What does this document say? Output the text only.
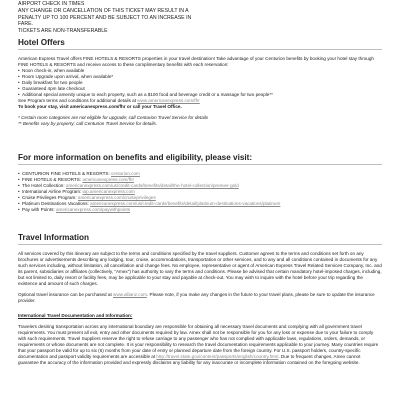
AIRPORT CHECK IN TIMES

ANY CHANGE OR CANCELLATION OF THIS TICKET MAY RESULT IN A

PENALTY UP TO 100 PERCENT AND BE SUBJECT TO AN INCREASE IN

FARE.

TICKETS ARE NON-TRANSFERABLE

Hotel Offers

American Express Travel offers FINE HOTELS & RESORTS properties in your travel destination! Take advantage of your Centurion benefits by booking your hotel stay through FINE HOTELS & RESORTS and receive access to these complimentary benefits with each reservation:

• Noon check-in, when available
• Room Upgrade upon arrival, when available*
• Daily breakfast for two people
• Guaranteed 4pm late checkout
• Additional special amenity unique to each property, such as a $100 food and beverage credit or a massage for two people**

See Program terms and conditions for additional details at www.americanexpress.com/fhr

To book your stay, visit americanexpress.com/fhr or call your Travel Office.

* Certain room categories are not eligible for upgrade; call Centurion Travel Service for details

** Benefits vary by property; call Centurion Travel Service for details.

For more information on benefits and eligibility, please visit:
• CENTURION FINE HOTELS & RESORTS: centurion.com
• FINE HOTELS & RESORTS: americanexpress.com/fhr
• The Hotel Collection: americanexpress.com/us/credit-cards/benefits/detail/the-hotel-collection/premier-gold
• International Airline Program: iap.americanexpress.com
• Cruise Privileges Program: americanexpress.com/cruiseprivileges
• Platinum Destinations Vacations: americanexpress.com/us/credit-cards/benefits/detail/platinum-destinations-vacations/platinum
• Pay with Points: americanexpress.com/paywithpoints
Travel Information

All services covered by this itinerary are subject to the terms and conditions specified by the travel suppliers. Customer agrees to the terms and conditions set forth on any brochures or advertisements describing any lodging, tour, cruise, accommodations, transportation or other services, and to any and all conditions contained in documents for any such services including, without limitation, all cancellation and change fees. No employee, representative or agent of American Express Travel Related Services Company, Inc. and its parent, subsidiaries or affiliates (collectively, "Amex") has authority to vary the terms and conditions. Please be advised that certain mandatory hotel-imposed charges, including, but not limited to, daily resort or facility fees, may be applicable to your stay and payable at check-out. You may wish to inquire with the hotel before your trip regarding the existence and amount of such charges.

Optional travel insurance can be purchased at www.allianz.com. Please note, if you make any changes in the future to your travel plans, please be sure to update the insurance provider.

International Travel Documentation and Information:

Travelers desiring transportation across any international boundary are responsible for obtaining all necessary travel documents and complying with all government travel requirements. You must present all exit, entry and other documents required by law. Amex shall not be responsible for you for any loss or expense due to your failure to comply with such requirements. Travel Suppliers reserve the right to refuse carriage to any passenger who has not complied with applicable laws, regulations, orders, demands, or requirements or whose documents are not complete. It is your responsibility to research the travel documentation requirements applicable to your journey. Many countries require that your passport be valid for up to six (6) months from your date of entry or planned departure date from the foreign country. For U.S. passport holders, country-specific documentation and passport validity requirements are accessible at http://travel.state.gov/content/passports/english/country.html. Due to frequent changes, Amex cannot guarantee the accuracy of the information provided and expressly disclaims any liability for any inaccurate or incomplete information contained on the foregoing website.
